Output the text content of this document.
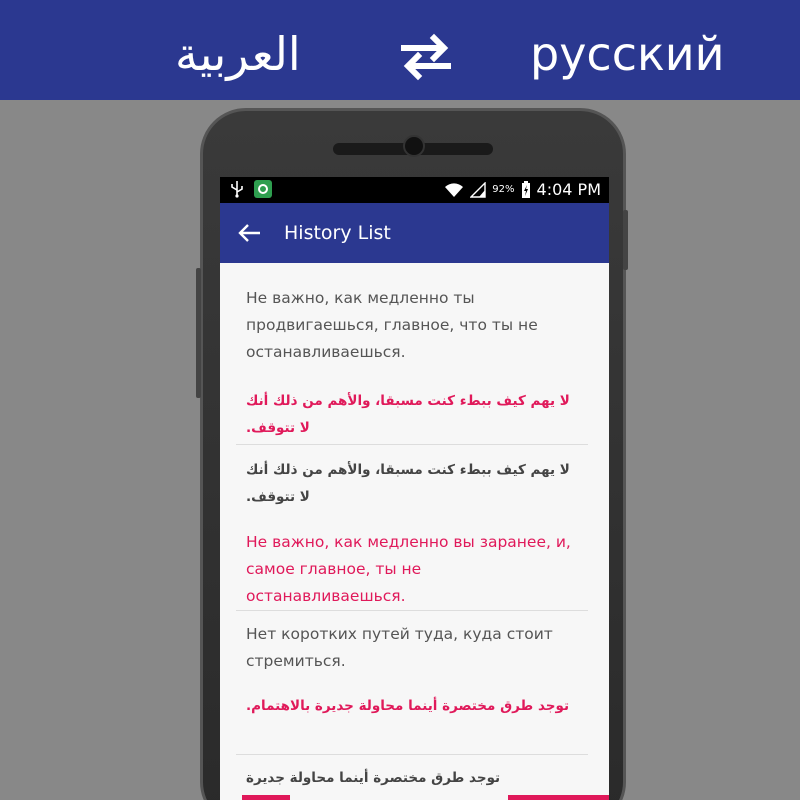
العربية	русский
92% 4:04 PM
History List
Не важно, как медленно ты продвигаешься, главное, что ты не останавливаешься.
لا يهم كيف ببطء كنت مسبقا، والأهم من ذلك أنك لا تتوقف.
لا يهم كيف ببطء كنت مسبقا، والأهم من ذلك أنك لا تتوقف.
Не важно, как медленно вы заранее, и, самое главное, ты не останавливаешься.
Нет коротких путей туда, куда стоит стремиться.
توجد طرق مختصرة أينما محاولة جديرة بالاهتمام.
توجد طرق مختصرة أينما محاولة جديرة
